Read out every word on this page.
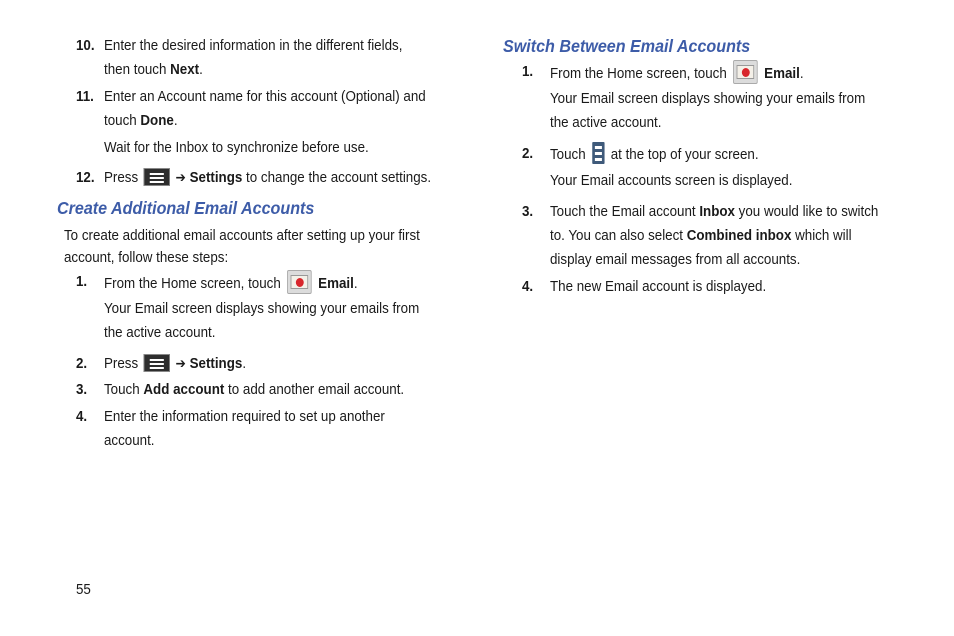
10. Enter the desired information in the different fields,
then touch Next.
11. Enter an Account name for this account (Optional) and
touch Done.
Wait for the Inbox to synchronize before use.
12. Press	➔ Settings to change the account settings.
Create Additional Email Accounts
To create additional email accounts after setting up your first
account, follow these steps:
1. From the Home screen, touch Email.
Your Email screen displays showing your emails from
the active account.
2. Press	➔ Settings.
3. Touch Add account to add another email account.
4. Enter the information required to set up another
account.
Switch Between Email Accounts
1. From the Home screen, touch Email.
Your Email screen displays showing your emails from
the active account.
2. Touch at the top of your screen.
Your Email accounts screen is displayed.
3. Touch the Email account Inbox you would like to switch
to. You can also select Combined inbox which will
display email messages from all accounts.
4. The new Email account is displayed.
55
